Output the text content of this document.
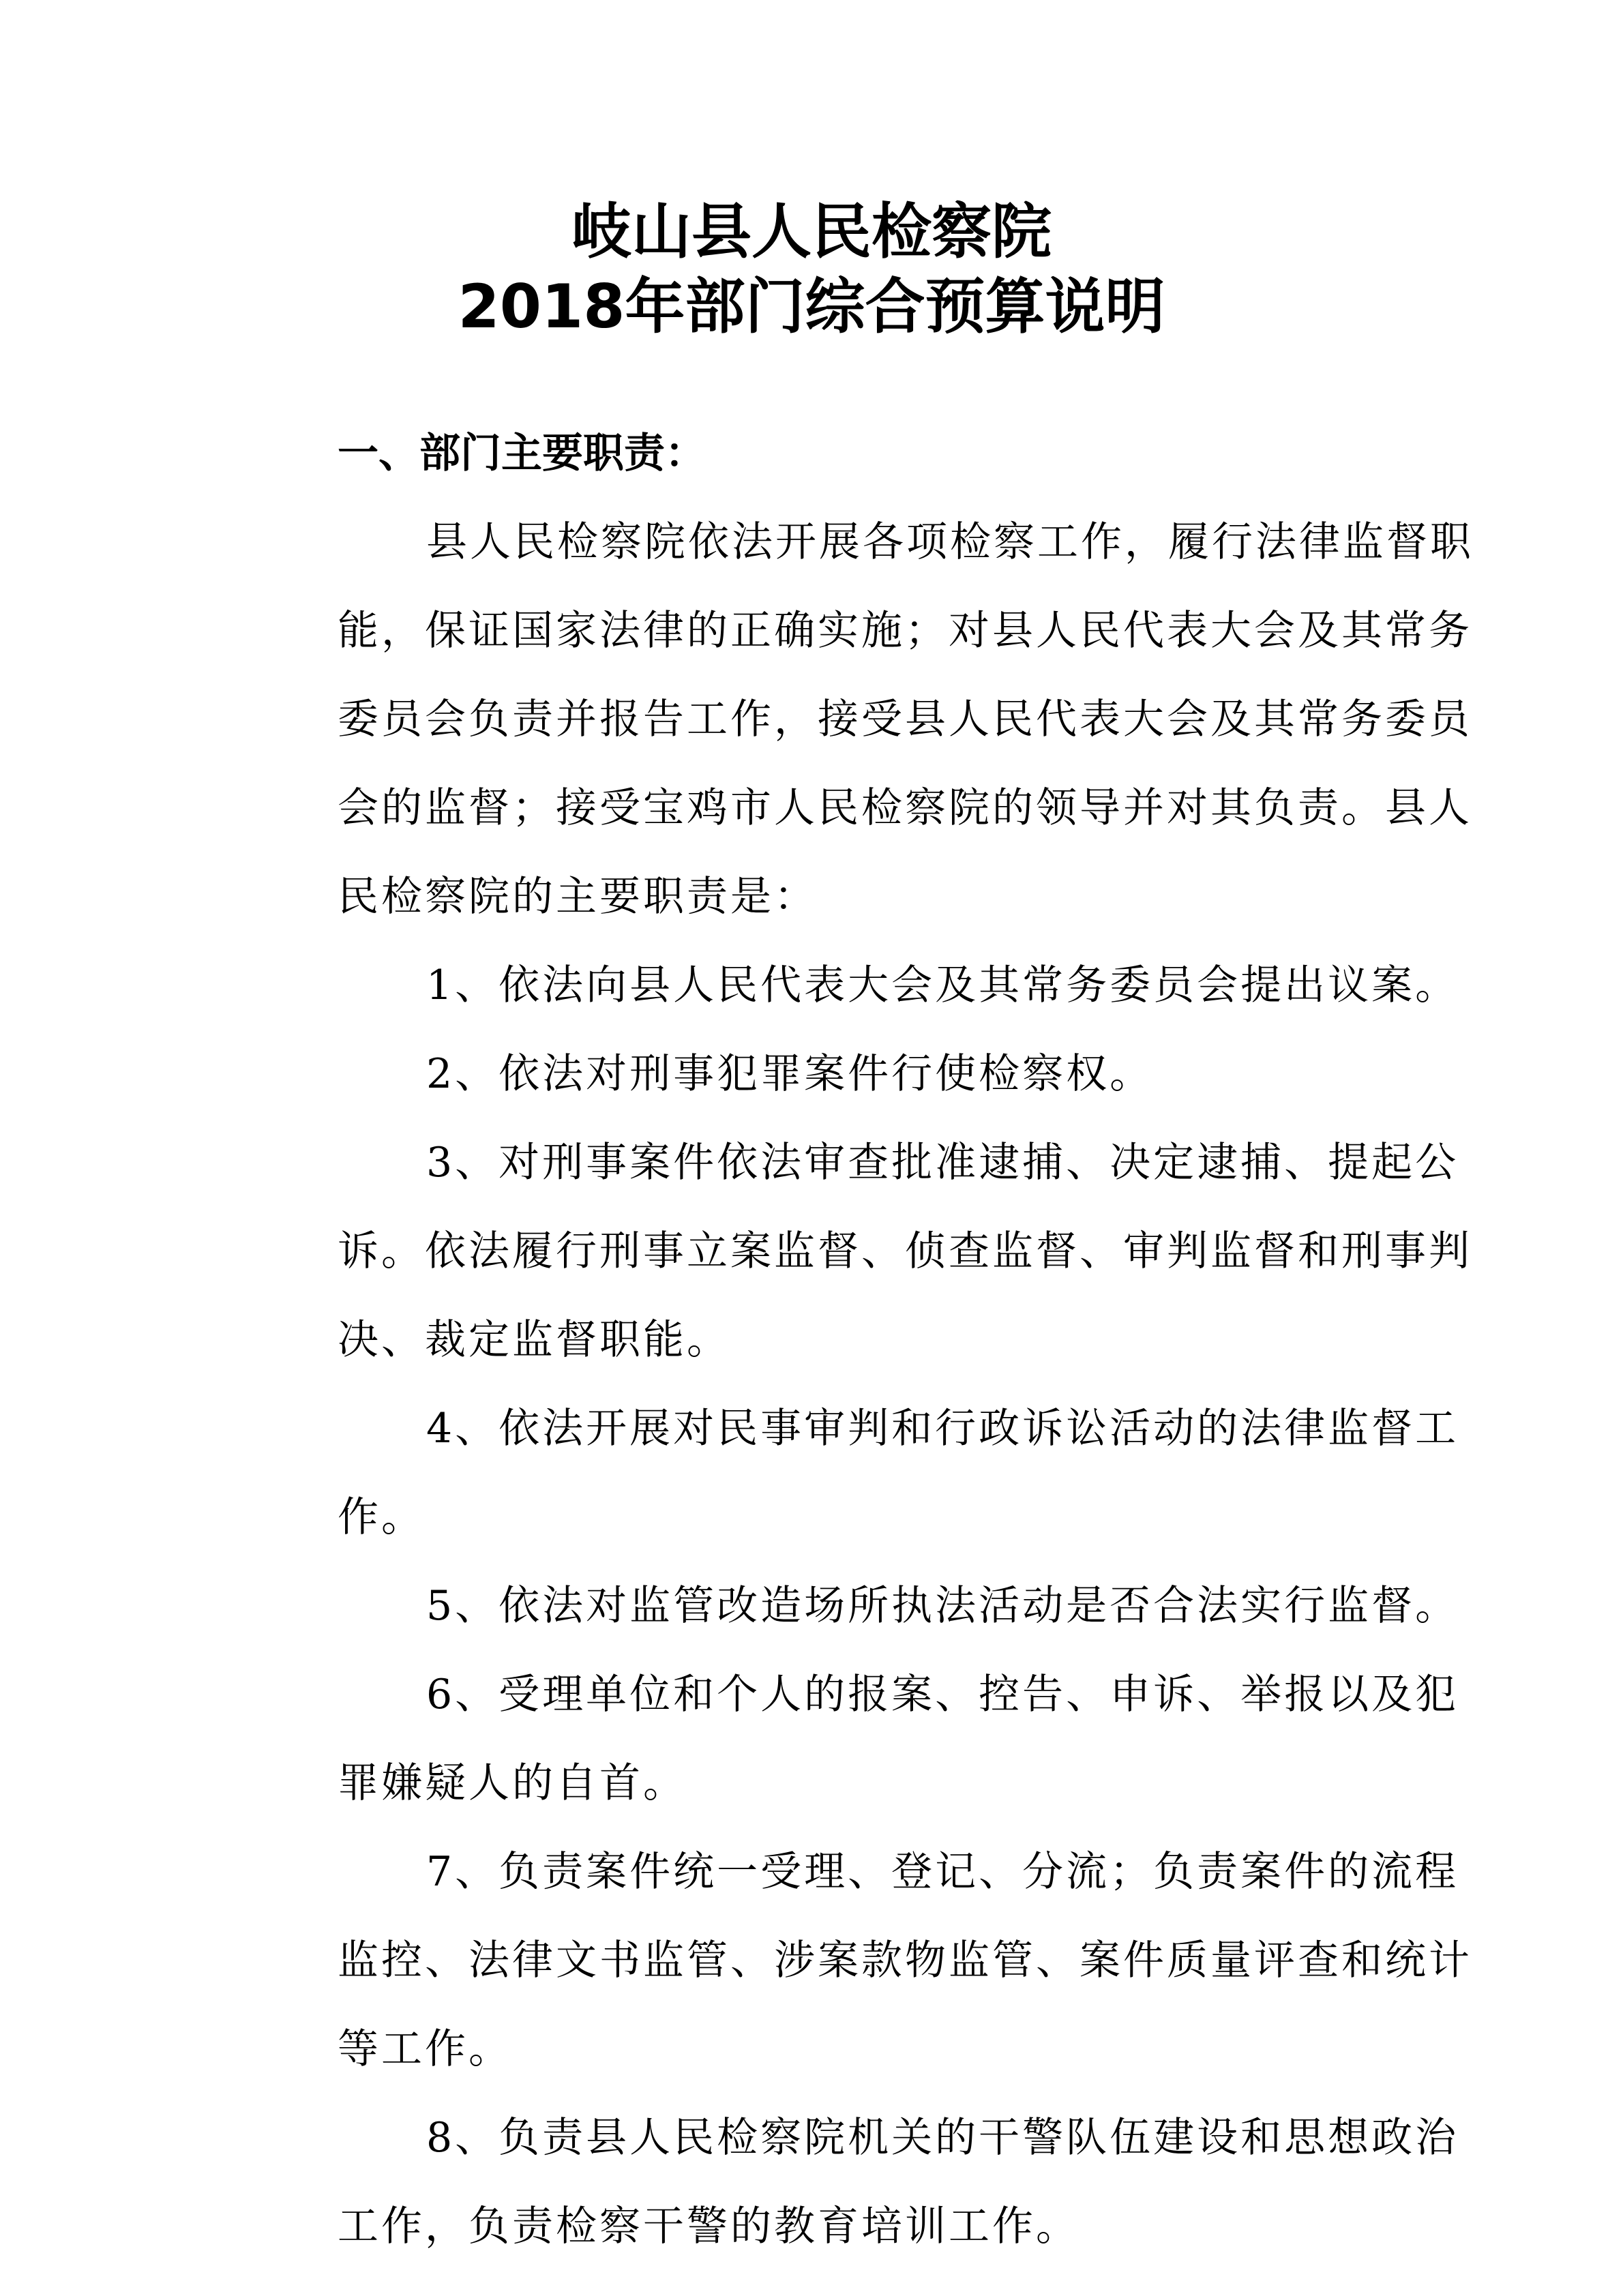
岐山县人民检察院
2018年部门综合预算说明
一、部门主要职责：

县人民检察院依法开展各项检察工作，履行法律监督职
能，保证国家法律的正确实施；对县人民代表大会及其常务
委员会负责并报告工作，接受县人民代表大会及其常务委员
会的监督；接受宝鸡市人民检察院的领导并对其负责。县人
民检察院的主要职责是：

1、依法向县人民代表大会及其常务委员会提出议案。

2、依法对刑事犯罪案件行使检察权。

3、对刑事案件依法审查批准逮捕、决定逮捕、提起公
诉。依法履行刑事立案监督、侦查监督、审判监督和刑事判
决、裁定监督职能。

4、依法开展对民事审判和行政诉讼活动的法律监督工
作。

5、依法对监管改造场所执法活动是否合法实行监督。

6、受理单位和个人的报案、控告、申诉、举报以及犯
罪嫌疑人的自首。

7、负责案件统一受理、登记、分流；负责案件的流程
监控、法律文书监管、涉案款物监管、案件质量评查和统计
等工作。

8、负责县人民检察院机关的干警队伍建设和思想政治
工作，负责检察干警的教育培训工作。
